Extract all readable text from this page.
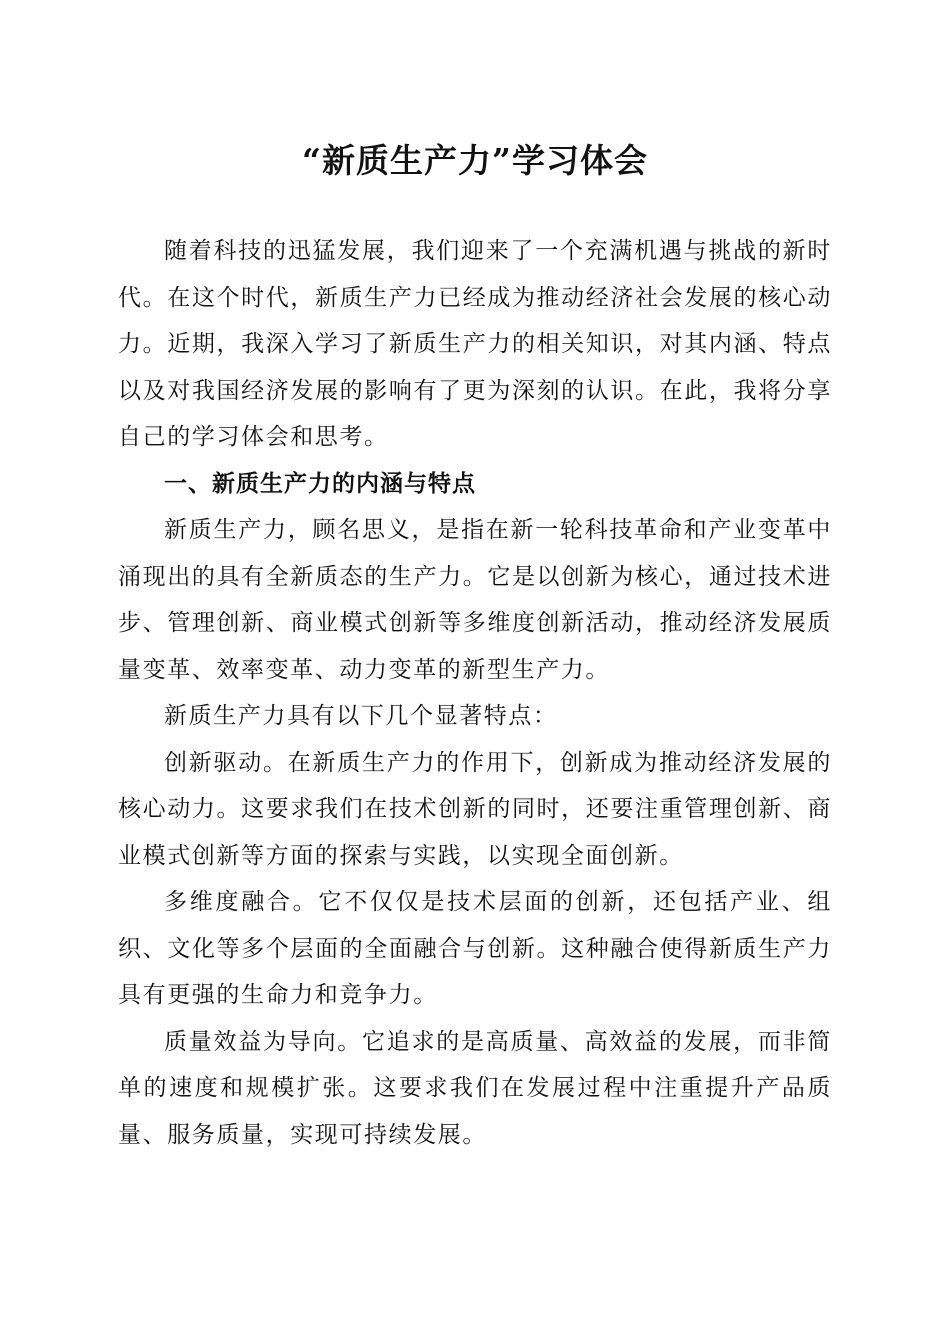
“新质生产力”学习体会

随着科技的迅猛发展，我们迎来了一个充满机遇与挑战的新时代。在这个时代，新质生产力已经成为推动经济社会发展的核心动力。近期，我深入学习了新质生产力的相关知识，对其内涵、特点以及对我国经济发展的影响有了更为深刻的认识。在此，我将分享自己的学习体会和思考。

一、新质生产力的内涵与特点

新质生产力，顾名思义，是指在新一轮科技革命和产业变革中涌现出的具有全新质态的生产力。它是以创新为核心，通过技术进步、管理创新、商业模式创新等多维度创新活动，推动经济发展质量变革、效率变革、动力变革的新型生产力。

新质生产力具有以下几个显著特点：

创新驱动。在新质生产力的作用下，创新成为推动经济发展的核心动力。这要求我们在技术创新的同时，还要注重管理创新、商业模式创新等方面的探索与实践，以实现全面创新。

多维度融合。它不仅仅是技术层面的创新，还包括产业、组织、文化等多个层面的全面融合与创新。这种融合使得新质生产力具有更强的生命力和竞争力。

质量效益为导向。它追求的是高质量、高效益的发展，而非简单的速度和规模扩张。这要求我们在发展过程中注重提升产品质量、服务质量，实现可持续发展。
